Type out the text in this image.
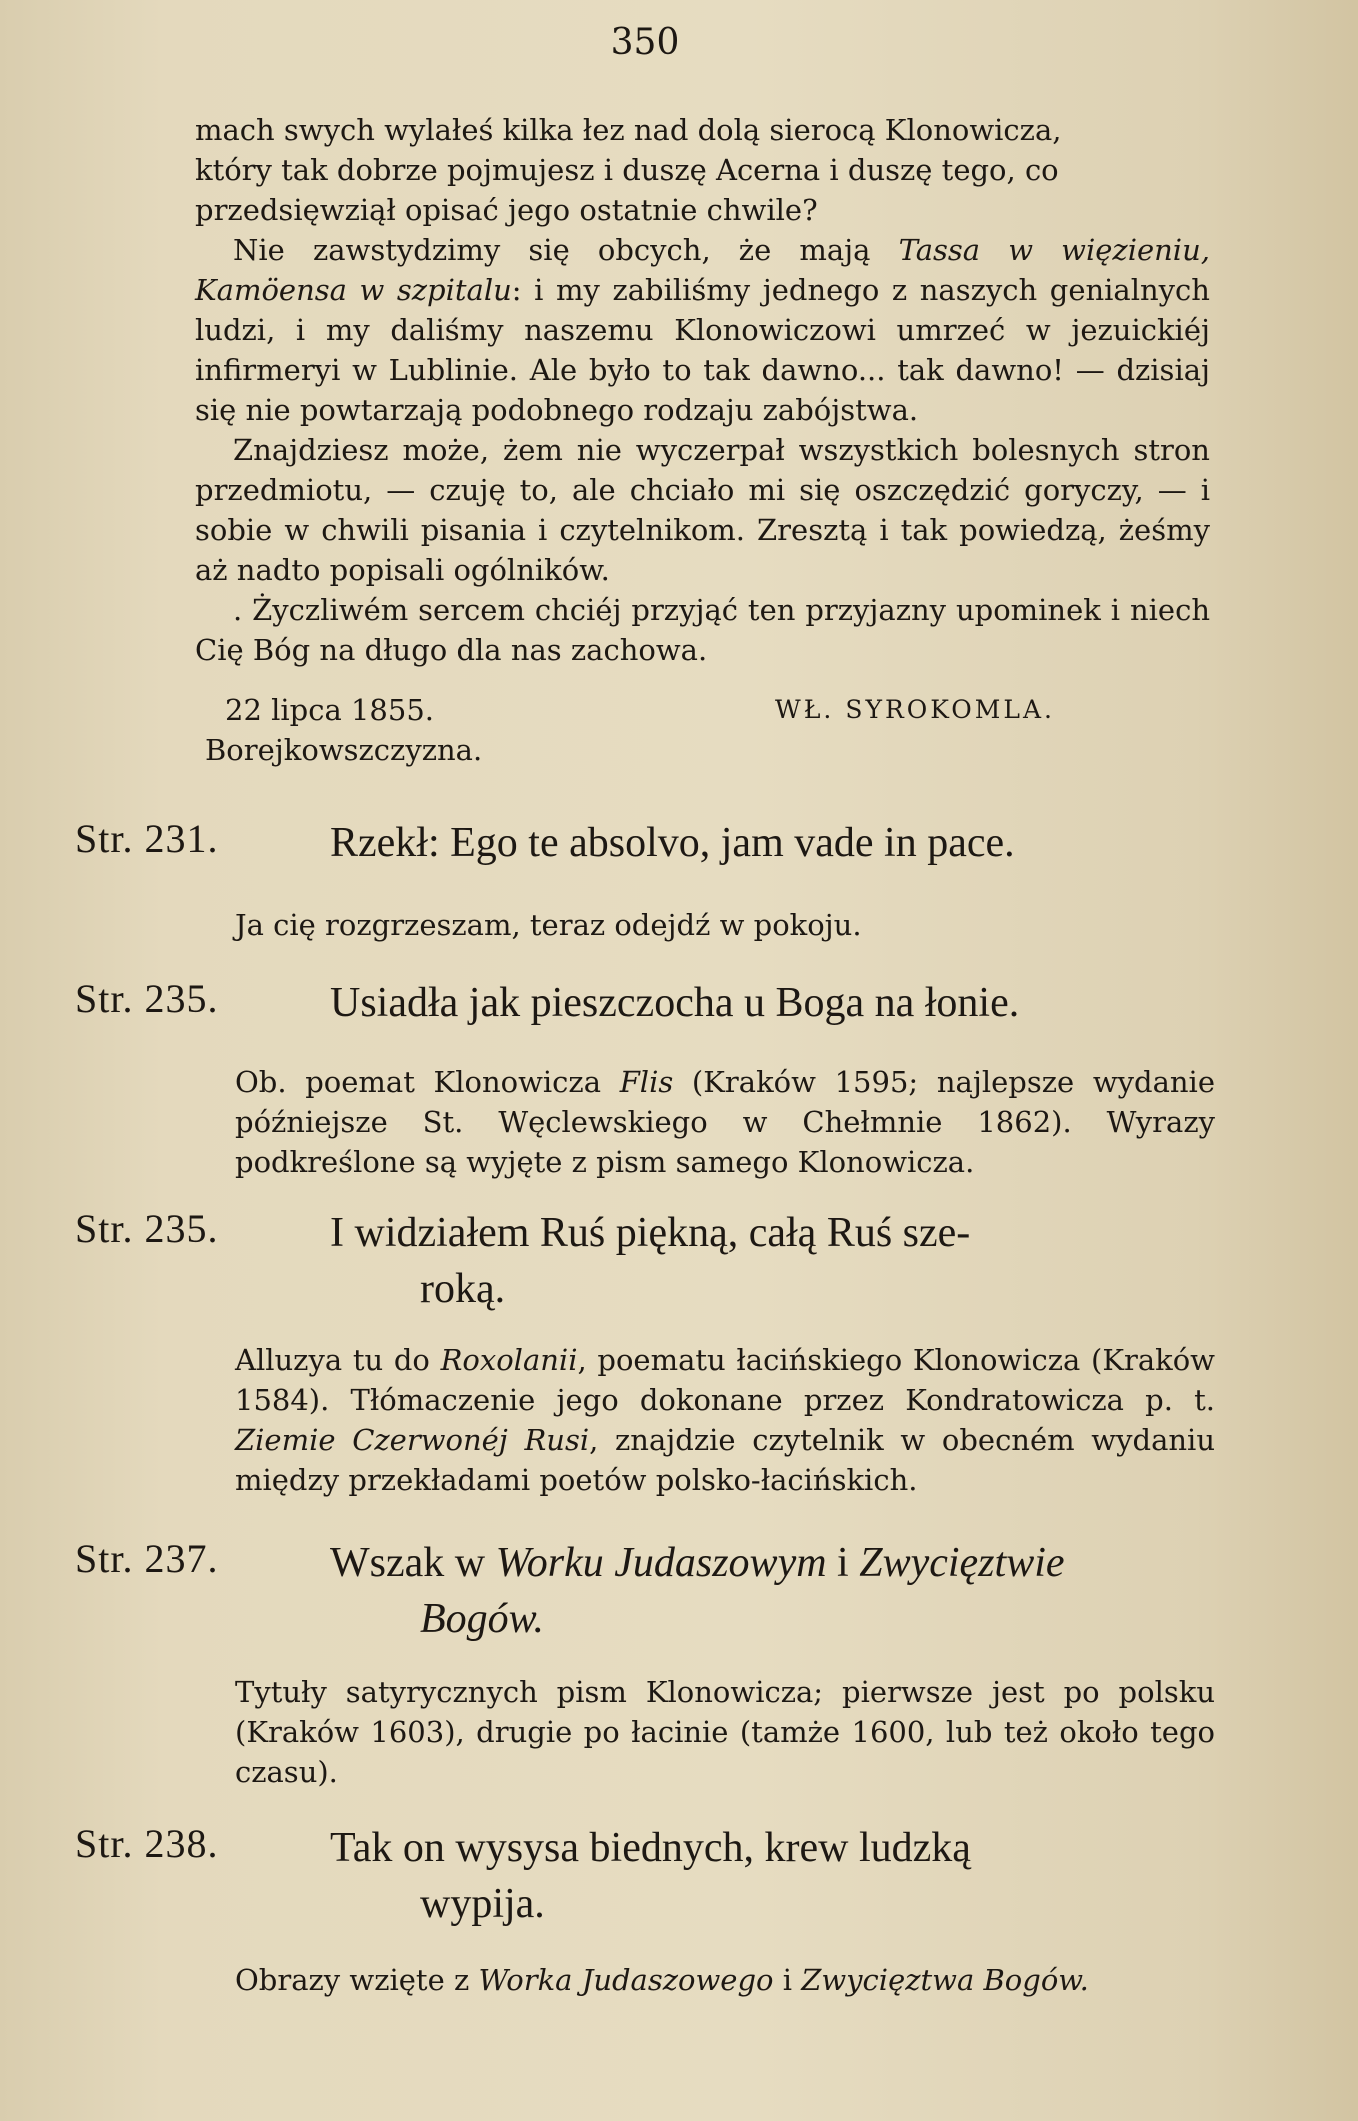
350

mach swych wylałeś kilka łez nad dolą sierocą Klonowicza,

który tak dobrze pojmujesz i duszę Acerna i duszę tego, co

przedsięwziął opisać jego ostatnie chwile?

Nie zawstydzimy się obcych, że mają Tassa w więzieniu, Kamöensa w szpitalu: i my zabiliśmy jednego z naszych genialnych ludzi, i my daliśmy naszemu Klonowiczowi umrzeć w jezuickiéj infirmeryi w Lublinie. Ale było to tak dawno... tak dawno! — dzisiaj się nie powtarzają podobnego rodzaju zabójstwa.

Znajdziesz może, żem nie wyczerpał wszystkich bolesnych stron przedmiotu, — czuję to, ale chciało mi się oszczędzić goryczy, — i sobie w chwili pisania i czytelnikom. Zresztą i tak powiedzą, żeśmy aż nadto popisali ogólników.

. Życzliwém sercem chciéj przyjąć ten przyjazny upominek i niech Cię Bóg na długo dla nas zachowa.

22 lipca 1855.	WŁ. SYROKOMLA.
Borejkowszczyzna.
Str. 231.	Rzekł: Ego te absolvo, jam vade in pace.

Ja cię rozgrzeszam, teraz odejdź w pokoju.

Str. 235.	Usiadła jak pieszczocha u Boga na łonie.

Ob. poemat Klonowicza Flis (Kraków 1595; najlepsze wydanie późniejsze St. Węclewskiego w Chełmnie 1862). Wyrazy podkreślone są wyjęte z pism samego Klonowicza.

Str. 235.	I widziałem Ruś piękną, całą Ruś sze-
roką.

Alluzya tu do Roxolanii, poematu łacińskiego Klonowicza (Kraków 1584). Tłómaczenie jego dokonane przez Kondratowicza p. t. Ziemie Czerwonéj Rusi, znajdzie czytelnik w obecném wydaniu między przekładami poetów polsko-łacińskich.

Str. 237.	Wszak w Worku Judaszowym i Zwycięztwie
Bogów.

Tytuły satyrycznych pism Klonowicza; pierwsze jest po polsku (Kraków 1603), drugie po łacinie (tamże 1600, lub też około tego czasu).

Str. 238.	Tak on wysysa biednych, krew ludzką
wypija.

Obrazy wzięte z Worka Judaszowego i Zwycięztwa Bogów.
